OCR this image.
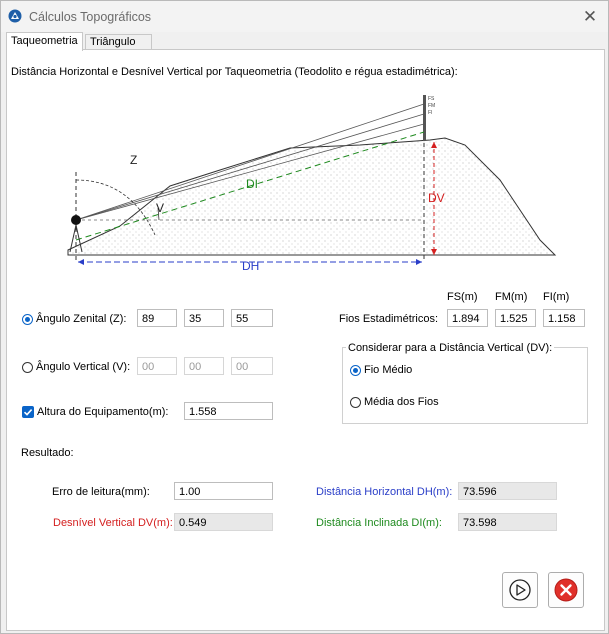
Cálculos Topográficos	✕
Taqueometria	Triângulo
Distância Horizontal e Desnível Vertical por Taqueometria (Teodolito e régua estadimétrica):
Z
V
DI
DV
DH
FS
FM
FI
Ângulo Zenital (Z):	89	35	55
Ângulo Vertical (V):	00	00	00
Altura do Equipamento(m):	1.558
FS(m) FM(m) FI(m)
Fios Estadimétricos:	1.894	1.525	1.158
Considerar para a Distância Vertical (DV):
Fio Médio
Média dos Fios
Resultado:
Erro de leitura(mm):	1.00
Desnível Vertical DV(m): 0.549
Distância Horizontal DH(m): 73.596
Distância Inclinada DI(m):	73.598
